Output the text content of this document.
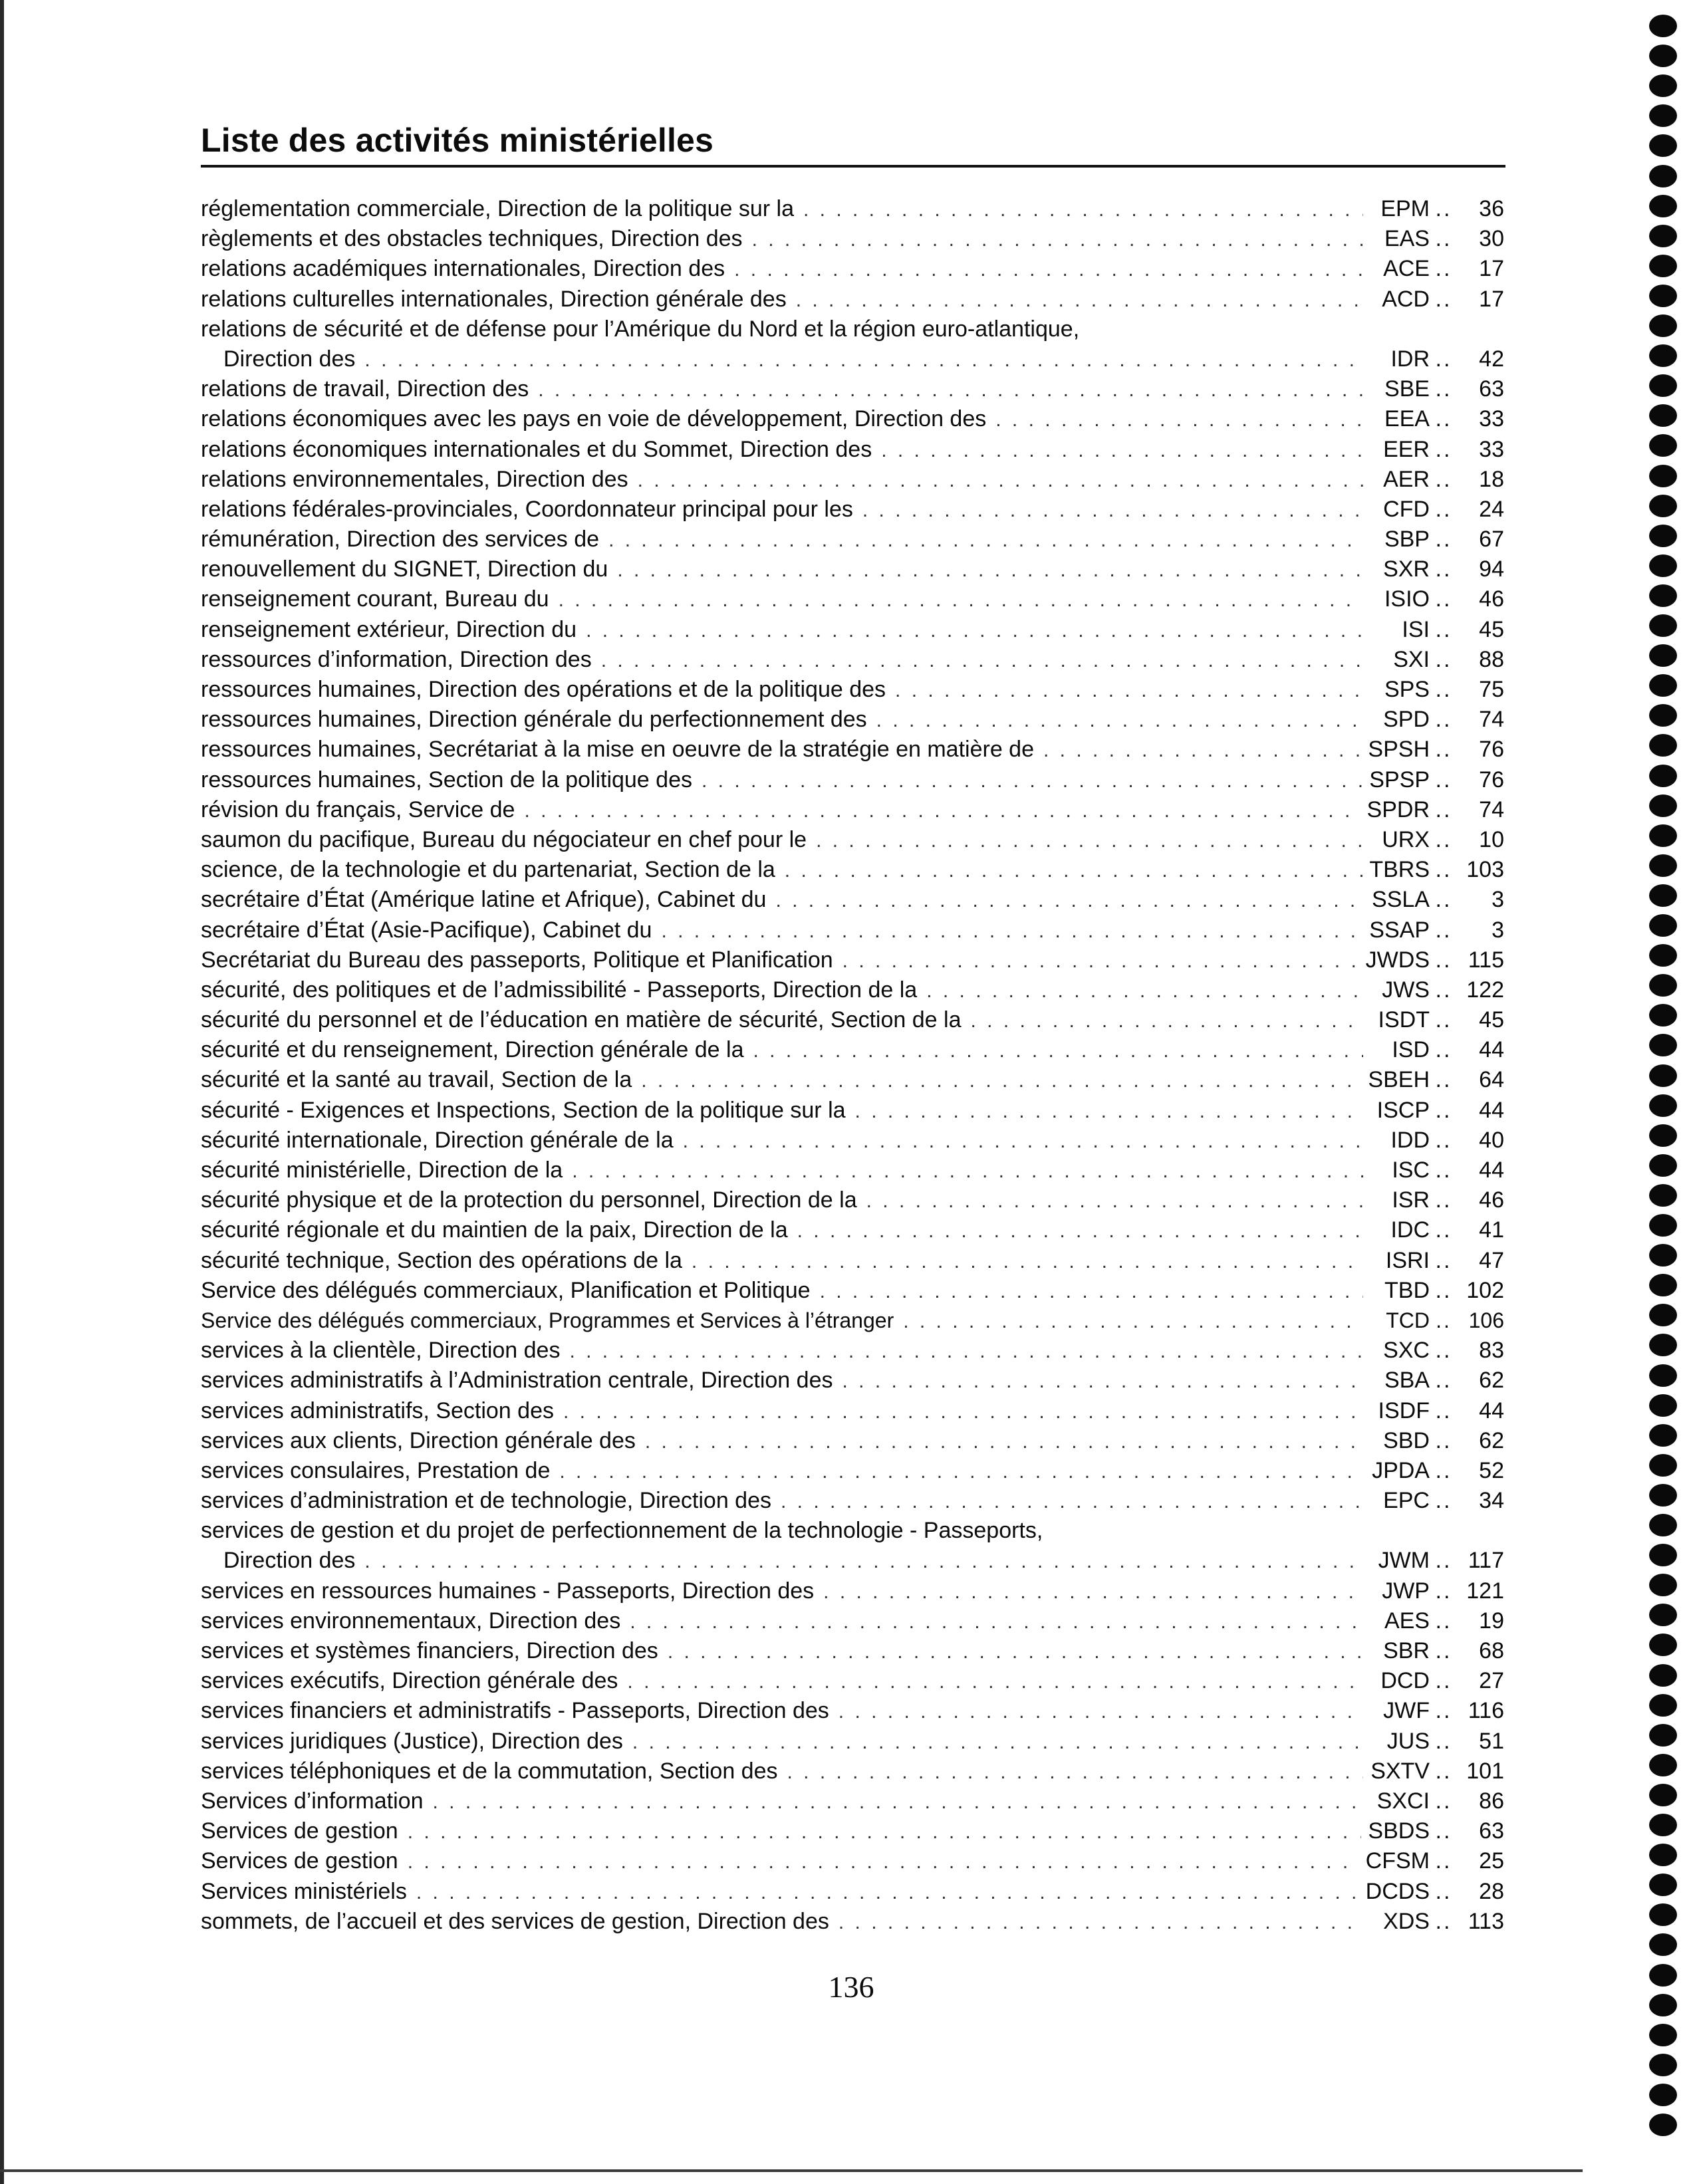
Liste des activités ministérielles
réglementation commerciale, Direction de la politique sur la . . .	EPM ..	36
règlements et des obstacles techniques, Direction des . . .	EAS ..	30
relations académiques internationales, Direction des . . .	ACE ..	17
relations culturelles internationales, Direction générale des . . .	ACD ..	17
relations de sécurité et de défense pour l’Amérique du Nord et la région euro-atlantique,
Direction des . . .	IDR ..	42
relations de travail, Direction des . . .	SBE ..	63
relations économiques avec les pays en voie de développement, Direction des . . .	EEA ..	33
relations économiques internationales et du Sommet, Direction des . . .	EER ..	33
relations environnementales, Direction des . . .	AER ..	18
relations fédérales-provinciales, Coordonnateur principal pour les . . .	CFD ..	24
rémunération, Direction des services de . . .	SBP ..	67
renouvellement du SIGNET, Direction du . . .	SXR ..	94
renseignement courant, Bureau du . . .	ISIO ..	46
renseignement extérieur, Direction du . . .	ISI ..	45
ressources d’information, Direction des . . .	SXI ..	88
ressources humaines, Direction des opérations et de la politique des . . .	SPS ..	75
ressources humaines, Direction générale du perfectionnement des . . .	SPD ..	74
ressources humaines, Secrétariat à la mise en oeuvre de la stratégie en matière de . . .	SPSH ..	76
ressources humaines, Section de la politique des . . .	SPSP ..	76
révision du français, Service de . . .	SPDR ..	74
saumon du pacifique, Bureau du négociateur en chef pour le . . .	URX ..	10
science, de la technologie et du partenariat, Section de la . . .	TBRS .. 103
secrétaire d’État (Amérique latine et Afrique), Cabinet du . . .	SSLA ..	3
secrétaire d’État (Asie-Pacifique), Cabinet du . . .	SSAP ..	3
Secrétariat du Bureau des passeports, Politique et Planification . . .	JWDS .. 115
sécurité, des politiques et de l’admissibilité - Passeports, Direction de la . . .	JWS .. 122
sécurité du personnel et de l’éducation en matière de sécurité, Section de la . . .	ISDT ..	45
sécurité et du renseignement, Direction générale de la . . .	ISD ..	44
sécurité et la santé au travail, Section de la . . .	SBEH ..	64
sécurité - Exigences et Inspections, Section de la politique sur la . . .	ISCP ..	44
sécurité internationale, Direction générale de la . . .	IDD ..	40
sécurité ministérielle, Direction de la . . .	ISC ..	44
sécurité physique et de la protection du personnel, Direction de la . . .	ISR ..	46
sécurité régionale et du maintien de la paix, Direction de la . . .	IDC ..	41
sécurité technique, Section des opérations de la . . .	ISRI ..	47
Service des délégués commerciaux, Planification et Politique . . .	TBD .. 102
Service des délégués commerciaux, Programmes et Services à l’étranger . . .	TCD .. 106
services à la clientèle, Direction des . . .	SXC ..	83
services administratifs à l’Administration centrale, Direction des . . .	SBA ..	62
services administratifs, Section des . . .	ISDF ..	44
services aux clients, Direction générale des . . .	SBD ..	62
services consulaires, Prestation de . . .	JPDA ..	52
services d’administration et de technologie, Direction des . . .	EPC ..	34
services de gestion et du projet de perfectionnement de la technologie - Passeports,
Direction des . . .	JWM .. 117
services en ressources humaines - Passeports, Direction des . . .	JWP .. 121
services environnementaux, Direction des . . .	AES ..	19
services et systèmes financiers, Direction des . . .	SBR ..	68
services exécutifs, Direction générale des . . .	DCD ..	27
services financiers et administratifs - Passeports, Direction des . . .	JWF .. 116
services juridiques (Justice), Direction des . . .	JUS ..	51
services téléphoniques et de la commutation, Section des . . .	SXTV .. 101
Services d’information . . .	SXCI ..	86
Services de gestion . . .	SBDS ..	63
Services de gestion . . .	CFSM ..	25
Services ministériels . . .	DCDS ..	28
sommets, de l’accueil et des services de gestion, Direction des . . .	XDS .. 113
136
